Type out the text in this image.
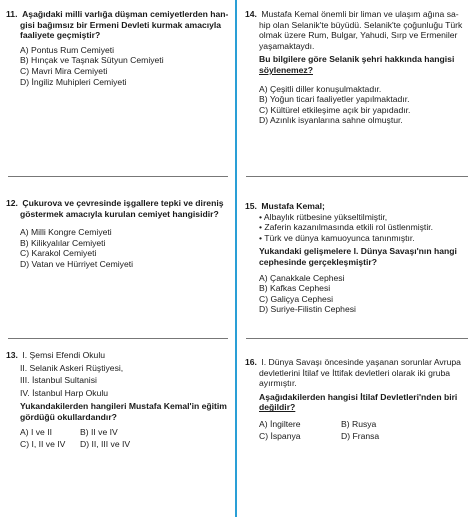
11. Aşağıdaki milli varlığa düşman cemiyetlerden han-
gisi bağımsız bir Ermeni Devleti kurmak amacıyla
faaliyete geçmiştir?
A) Pontus Rum Cemiyeti
B) Hınçak ve Taşnak Sütyun Cemiyeti
C) Mavri Mira Cemiyeti
D) İngiliz Muhipleri Cemiyeti
12. Çukurova ve çevresinde işgallere tepki ve direniş
göstermek amacıyla kurulan cemiyet hangisidir?
A) Milli Kongre Cemiyeti
B) Kilikyalılar Cemiyeti
C) Karakol Cemiyeti
D) Vatan ve Hürriyet Cemiyeti
13. I. Şemsi Efendi Okulu
II. Selanik Askeri Rüştiyesi,
III. İstanbul Sultanisi
IV. İstanbul Harp Okulu
Yukandakilerden hangileri Mustafa Kemal'in eğitim
gördüğü okullardandır?
A) I ve II	B) II ve IV
C) I, II ve IV	D) II, III ve IV
14. Mustafa Kemal önemli bir liman ve ulaşım ağına sa-
hip olan Selanik'te büyüdü. Selanik'te çoğunluğu Türk
olmak üzere Rum, Bulgar, Yahudi, Sırp ve Ermeniler
yaşamaktaydı.
Bu bilgilere göre Selanik şehri hakkında hangisi
söylenemez?
A) Çeşitli diller konuşulmaktadır.
B) Yoğun ticari faaliyetler yapılmaktadır.
C) Kültürel etkileşime açık bir yapıdadır.
D) Azınlık isyanlarına sahne olmuştur.
15. Mustafa Kemal;
• Albaylık rütbesine yükseltilmiştir,
• Zaferin kazanılmasında etkili rol üstlenmiştir.
• Türk ve dünya kamuoyunca tanınmıştır.
Yukandaki gelişmelere I. Dünya Savaşı'nın hangi
cephesinde gerçekleşmiştir?
A) Çanakkale Cephesi
B) Kafkas Cephesi
C) Galiçya Cephesi
D) Suriye-Filistin Cephesi
16. I. Dünya Savaşı öncesinde yaşanan sorunlar Avrupa
devletlerini İtilaf ve İttifak devletleri olarak iki gruba
ayırmıştır.
Aşağıdakilerden hangisi İtilaf Devletleri'nden biri
değildir?
A) İngiltere	B) Rusya
C) İspanya	D) Fransa
